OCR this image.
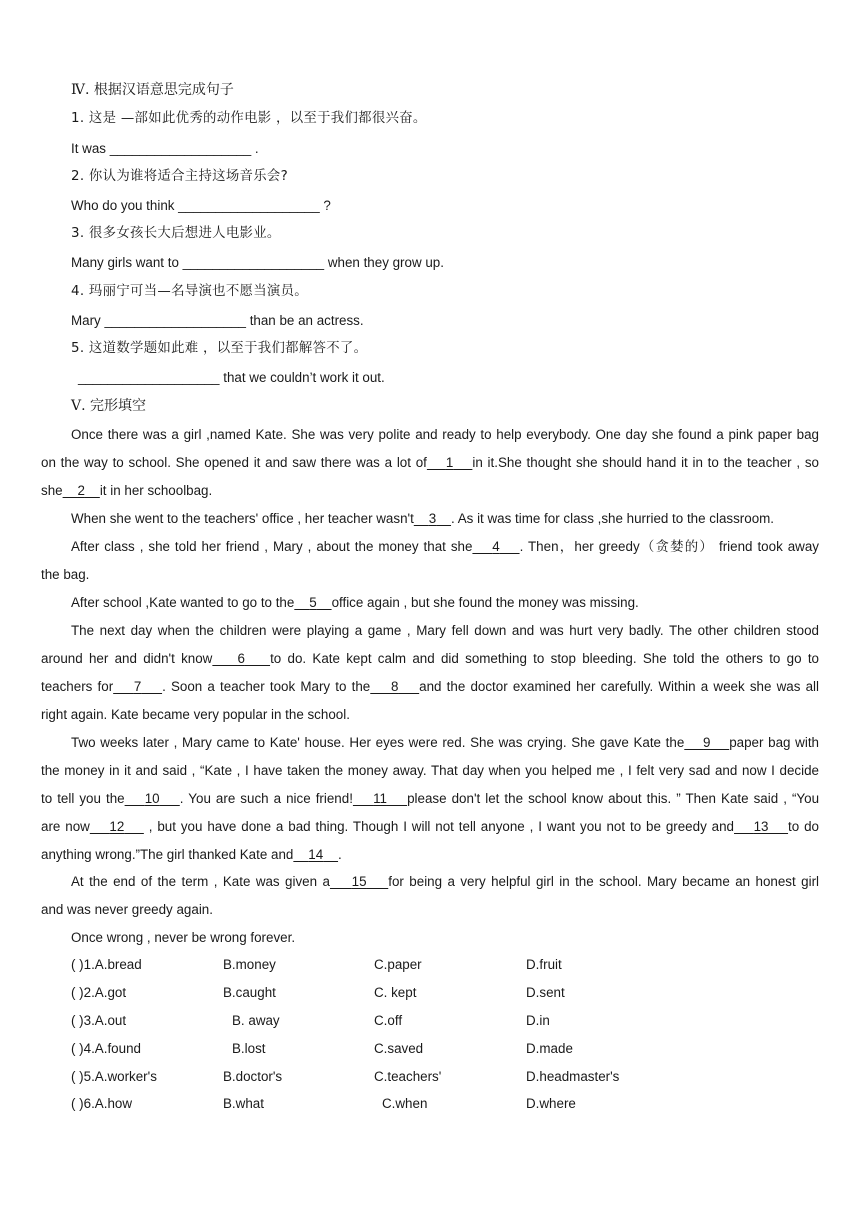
Ⅳ. 根据汉语意思完成句子
1. 这是 —部如此优秀的动作电影 ，以至于我们都很兴奋。
It was ___________________ .
2. 你认为谁将适合主持这场音乐会?
Who do you think ___________________ ?
3. 很多女孩长大后想进人电影业。
Many girls want to ___________________ when they grow up.
4. 玛丽宁可当—名导演也不愿当演员。
Mary ___________________ than be an actress.
5. 这道数学题如此难 ，以至于我们都解答不了。
___________________ that we couldn’t work it out.
Ⅴ. 完形填空
Once there was a girl ,named Kate. She was very polite and ready to help everybody. One day she found a pink paper bag
on the way to school. She opened it and saw there was a lot of 1 in it.She thought she should hand it in to the teacher , so
she 2 it in her schoolbag.
When she went to the teachers' office , her teacher wasn't 3 . As it was time for class ,she hurried to the classroom.
After class , she told her friend , Mary , about the money that she 4 . Then，her greedy（贪婪的） friend took away
the bag.
After school ,Kate wanted to go to the 5 office again , but she found the money was missing.
The next day when the children were playing a game , Mary fell down and was hurt very badly. The other children stood
around her and didn't know 6 to do. Kate kept calm and did something to stop bleeding. She told the others to go to
teachers for 7 . Soon a teacher took Mary to the 8 and the doctor examined her carefully. Within a week she was all
right again. Kate became very popular in the school.
Two weeks later , Mary came to Kate' house. Her eyes were red. She was crying. She gave Kate the 9 paper bag with
the money in it and said , “Kate , I have taken the money away. That day when you helped me , I felt very sad and now I decide
to tell you the 10 . You are such a nice friend! 11 please don't let the school know about this. ” Then Kate said , “You
are now 12     , but you have done a bad thing. Though I will not tell anyone , I want you not to be greedy and 13 to do
anything wrong.”The girl thanked Kate and 14 .
At the end of the term , Kate was given a 15 for being a very helpful girl in the school. Mary became an honest girl
and was never greedy again.
Once wrong , never be wrong forever.
( )1.A.bread	B.money	C.paper	D.fruit
( )2.A.got	B.caught	C. kept	D.sent
( )3.A.out	B. away	C.off	D.in
( )4.A.found	B.lost	C.saved	D.made
( )5.A.worker's	B.doctor's	C.teachers'	D.headmaster's
( )6.A.how	B.what	C.when	D.where
